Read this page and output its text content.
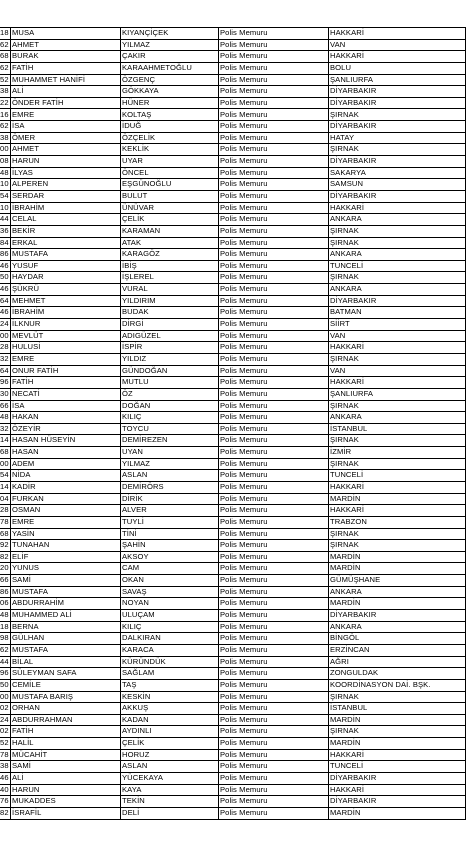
18	MUSA	KIYANÇİÇEK	Polis Memuru	HAKKARİ
62	AHMET	YILMAZ	Polis Memuru	VAN
68	BURAK	ÇAKIR	Polis Memuru	HAKKARİ
62	FATİH	KARAAHMETOĞLU	Polis Memuru	BOLU
52	MUHAMMET HANİFİ	ÖZGENÇ	Polis Memuru	ŞANLIURFA
38	ALİ	GÖKKAYA	Polis Memuru	DİYARBAKIR
22	ÖNDER FATİH	HÜNER	Polis Memuru	DİYARBAKIR
16	EMRE	KOLTAŞ	Polis Memuru	ŞIRNAK
62	İSA	İDUĞ	Polis Memuru	DİYARBAKIR
38	ÖMER	ÖZÇELİK	Polis Memuru	HATAY
00	AHMET	KEKLİK	Polis Memuru	ŞIRNAK
08	HARUN	UYAR	Polis Memuru	DİYARBAKIR
48	İLYAS	ÖNCEL	Polis Memuru	SAKARYA
10	ALPEREN	EŞGÜNOĞLU	Polis Memuru	SAMSUN
54	SERDAR	BULUT	Polis Memuru	DİYARBAKIR
10	İBRAHİM	ÜNÜVAR	Polis Memuru	HAKKARİ
44	CELAL	ÇELİK	Polis Memuru	ANKARA
36	BEKİR	KARAMAN	Polis Memuru	ŞIRNAK
84	ERKAL	ATAK	Polis Memuru	ŞIRNAK
86	MUSTAFA	KARAGÖZ	Polis Memuru	ANKARA
46	YUSUF	İBİŞ	Polis Memuru	TUNCELİ
50	HAYDAR	İŞLEREL	Polis Memuru	ŞIRNAK
46	ŞÜKRÜ	VURAL	Polis Memuru	ANKARA
64	MEHMET	YILDIRIM	Polis Memuru	DİYARBAKIR
46	İBRAHİM	BUDAK	Polis Memuru	BATMAN
24	İLKNUR	DİRGİ	Polis Memuru	SİİRT
00	MEVLÜT	ADIGÜZEL	Polis Memuru	VAN
28	HULUSİ	İSPİR	Polis Memuru	HAKKARİ
32	EMRE	YILDIZ	Polis Memuru	ŞIRNAK
64	ONUR FATİH	GÜNDOĞAN	Polis Memuru	VAN
96	FATİH	MUTLU	Polis Memuru	HAKKARİ
30	NECATİ	ÖZ	Polis Memuru	ŞANLIURFA
66	İSA	DOĞAN	Polis Memuru	ŞIRNAK
48	HAKAN	KILIÇ	Polis Memuru	ANKARA
32	ÖZEYİR	TOYCU	Polis Memuru	İSTANBUL
14	HASAN HÜSEYİN	DEMİREZEN	Polis Memuru	ŞIRNAK
68	HASAN	UYAN	Polis Memuru	İZMİR
00	ADEM	YILMAZ	Polis Memuru	ŞIRNAK
54	NİDA	ASLAN	Polis Memuru	TUNCELİ
14	KADİR	DEMİRÖRS	Polis Memuru	HAKKARİ
04	FURKAN	DİRİK	Polis Memuru	MARDİN
28	OSMAN	ALVER	Polis Memuru	HAKKARİ
78	EMRE	TUYLİ	Polis Memuru	TRABZON
68	YASİN	TİNİ	Polis Memuru	ŞIRNAK
92	TUNAHAN	ŞAHİN	Polis Memuru	ŞIRNAK
82	ELİF	AKSOY	Polis Memuru	MARDİN
20	YUNUS	CAM	Polis Memuru	MARDİN
66	SAMİ	OKAN	Polis Memuru	GÜMÜŞHANE
86	MUSTAFA	SAVAŞ	Polis Memuru	ANKARA
06	ABDURRAHİM	NOYAN	Polis Memuru	MARDİN
48	MUHAMMED ALİ	ULUÇAM	Polis Memuru	DİYARBAKIR
18	BERNA	KILIÇ	Polis Memuru	ANKARA
98	GÜLHAN	DALKIRAN	Polis Memuru	BİNGÖL
62	MUSTAFA	KARACA	Polis Memuru	ERZİNCAN
44	BİLAL	KÜRÜNDÜK	Polis Memuru	AĞRI
96	SÜLEYMAN SAFA	SAĞLAM	Polis Memuru	ZONGULDAK
50	CEMİLE	TAŞ	Polis Memuru	KOORDİNASYON DAİ. BŞK.
00	MUSTAFA BARIŞ	KESKİN	Polis Memuru	ŞIRNAK
02	ORHAN	AKKUŞ	Polis Memuru	İSTANBUL
24	ABDURRAHMAN	KADAN	Polis Memuru	MARDİN
02	FATİH	AYDINLI	Polis Memuru	ŞIRNAK
52	HALİL	ÇELİK	Polis Memuru	MARDİN
78	MÜCAHİT	HORUZ	Polis Memuru	HAKKARİ
38	SAMİ	ASLAN	Polis Memuru	TUNCELİ
46	ALİ	YÜCEKAYA	Polis Memuru	DİYARBAKIR
40	HARUN	KAYA	Polis Memuru	HAKKARİ
76	MUKADDES	TEKİN	Polis Memuru	DİYARBAKIR
82	İSRAFİL	DELİ	Polis Memuru	MARDİN
